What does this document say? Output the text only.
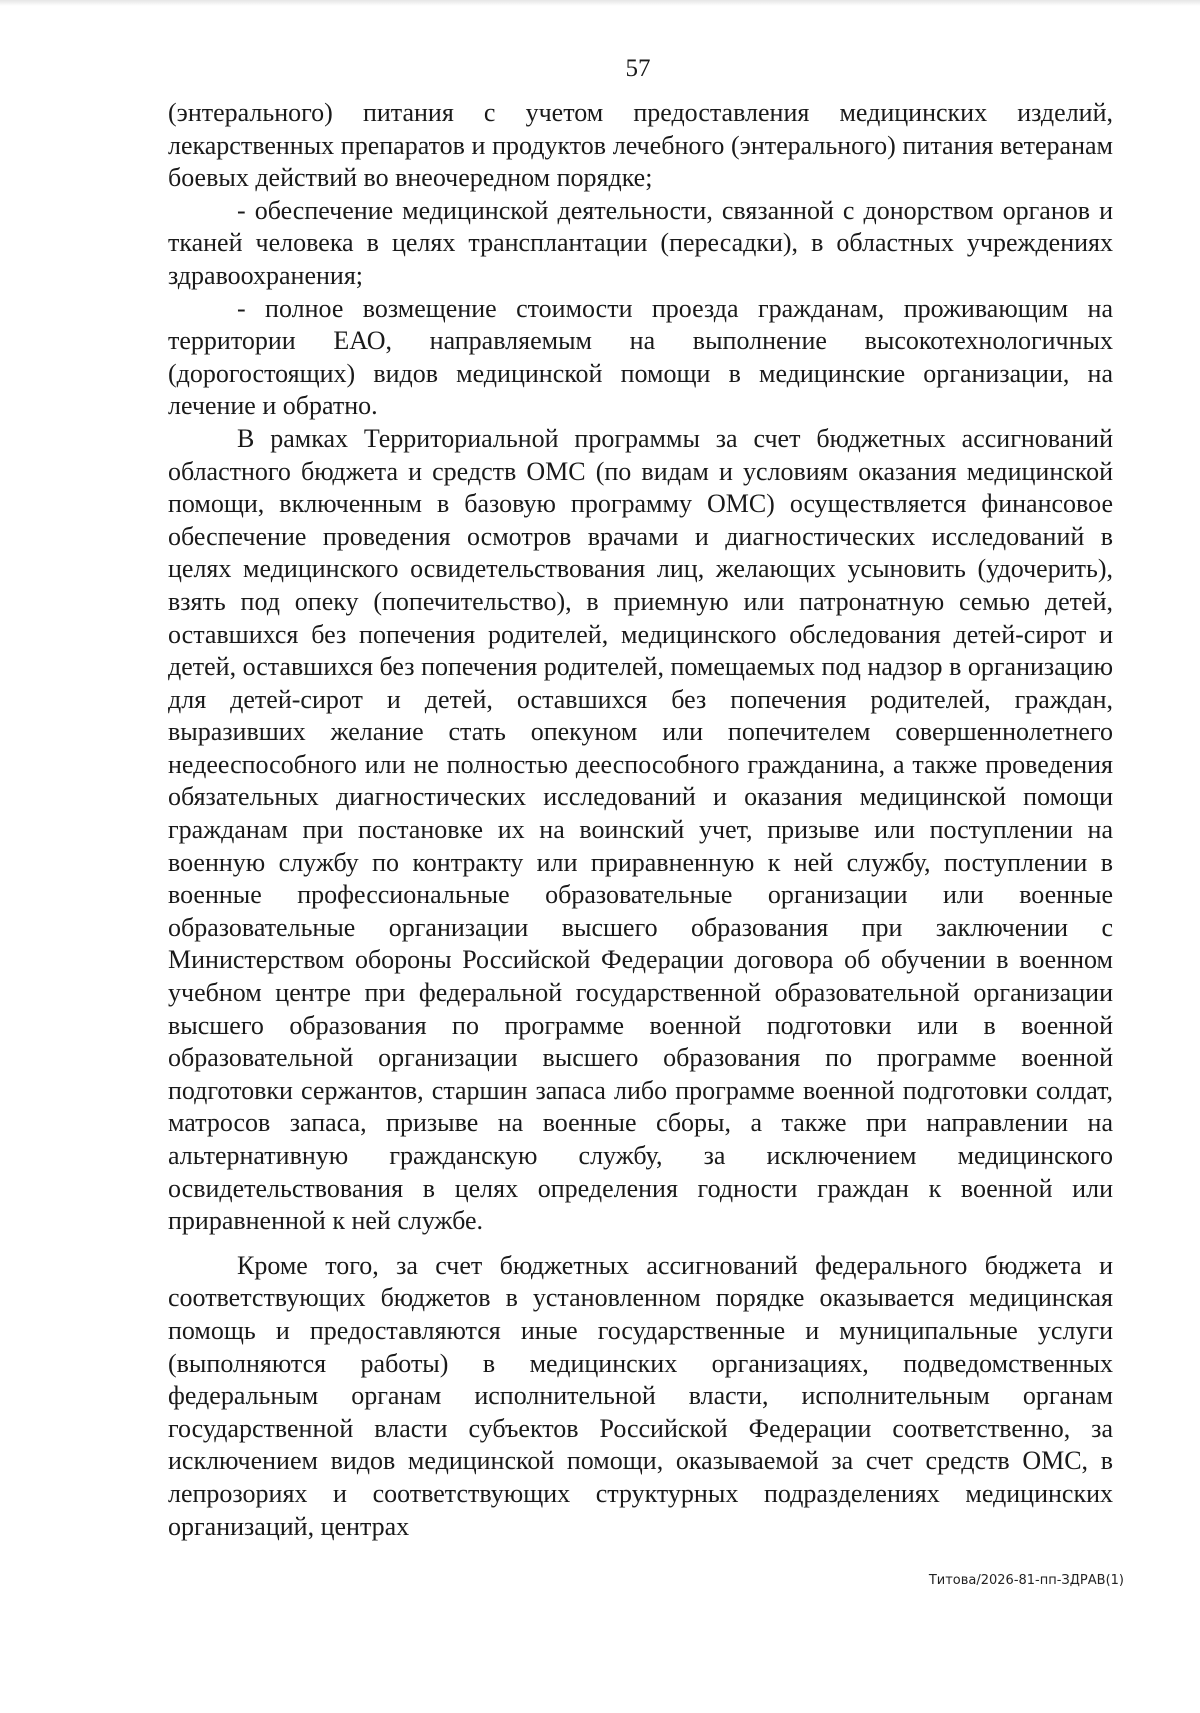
57

(энтерального) питания с учетом предоставления медицинских изделий, лекарственных препаратов и продуктов лечебного (энтерального) питания ветеранам боевых действий во внеочередном порядке;

- обеспечение медицинской деятельности, связанной с донорством органов и тканей человека в целях трансплантации (пересадки), в областных учреждениях здравоохранения;

- полное возмещение стоимости проезда гражданам, проживающим на территории ЕАО, направляемым на выполнение высокотехнологичных (дорогостоящих) видов медицинской помощи в медицинские организации, на лечение и обратно.

В рамках Территориальной программы за счет бюджетных ассигнований областного бюджета и средств ОМС (по видам и условиям оказания медицинской помощи, включенным в базовую программу ОМС) осуществляется финансовое обеспечение проведения осмотров врачами и диагностических исследований в целях медицинского освидетельствования лиц, желающих усыновить (удочерить), взять под опеку (попечительство), в приемную или патронатную семью детей, оставшихся без попечения родителей, медицинского обследования детей-сирот и детей, оставшихся без попечения родителей, помещаемых под надзор в организацию для детей-сирот и детей, оставшихся без попечения родителей, граждан, выразивших желание стать опекуном или попечителем совершеннолетнего недееспособного или не полностью дееспособного гражданина, а также проведения обязательных диагностических исследований и оказания медицинской помощи гражданам при постановке их на воинский учет, призыве или поступлении на военную службу по контракту или приравненную к ней службу, поступлении в военные профессиональные образовательные организации или военные образовательные организации высшего образования при заключении с Министерством обороны Российской Федерации договора об обучении в военном учебном центре при федеральной государственной образовательной организации высшего образования по программе военной подготовки или в военной образовательной организации высшего образования по программе военной подготовки сержантов, старшин запаса либо программе военной подготовки солдат, матросов запаса, призыве на военные сборы, а также при направлении на альтернативную гражданскую службу, за исключением медицинского освидетельствования в целях определения годности граждан к военной или приравненной к ней службе.

Кроме того, за счет бюджетных ассигнований федерального бюджета и соответствующих бюджетов в установленном порядке оказывается медицинская помощь и предоставляются иные государственные и муниципальные услуги (выполняются работы) в медицинских организациях, подведомственных федеральным органам исполнительной власти, исполнительным органам государственной власти субъектов Российской Федерации соответственно, за исключением видов медицинской помощи, оказываемой за счет средств ОМС, в лепрозориях и соответствующих структурных подразделениях медицинских организаций, центрах

Титова/2026-81-пп-ЗДРАВ(1)
